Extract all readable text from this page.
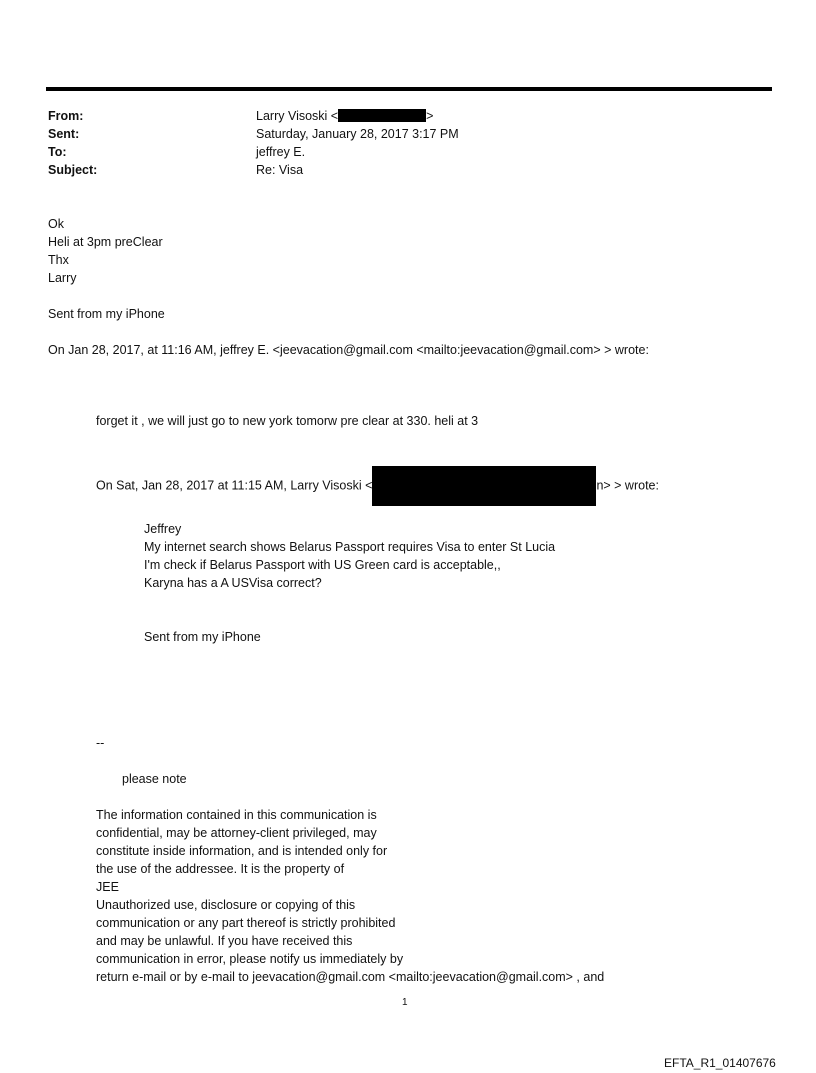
From:	Larry Visoski <	>
Sent:	Saturday, January 28, 2017 3:17 PM
To:	jeffrey E.
Subject:	Re: Visa
Ok
Heli at 3pm preClear
Thx
Larry
Sent from my iPhone
On Jan 28, 2017, at 11:16 AM, jeffrey E. <jeevacation@gmail.com <mailto:jeevacation@gmail.com> > wrote:
forget it , we will just go to new york tomorw pre clear at 330. heli at 3
On Sat, Jan 28, 2017 at 11:15 AM, Larry Visoski <	n> > wrote:
Jeffrey
My internet search shows Belarus Passport requires Visa to enter St Lucia
I'm check if Belarus Passport with US Green card is acceptable,,
Karyna has a A USVisa correct?
Sent from my iPhone
--
please note
The information contained in this communication is
confidential, may be attorney-client privileged, may
constitute inside information, and is intended only for
the use of the addressee. It is the property of
JEE
Unauthorized use, disclosure or copying of this
communication or any part thereof is strictly prohibited
and may be unlawful. If you have received this
communication in error, please notify us immediately by
return e-mail or by e-mail to jeevacation@gmail.com <mailto:jeevacation@gmail.com> , and
1
EFTA_R1_01407676
